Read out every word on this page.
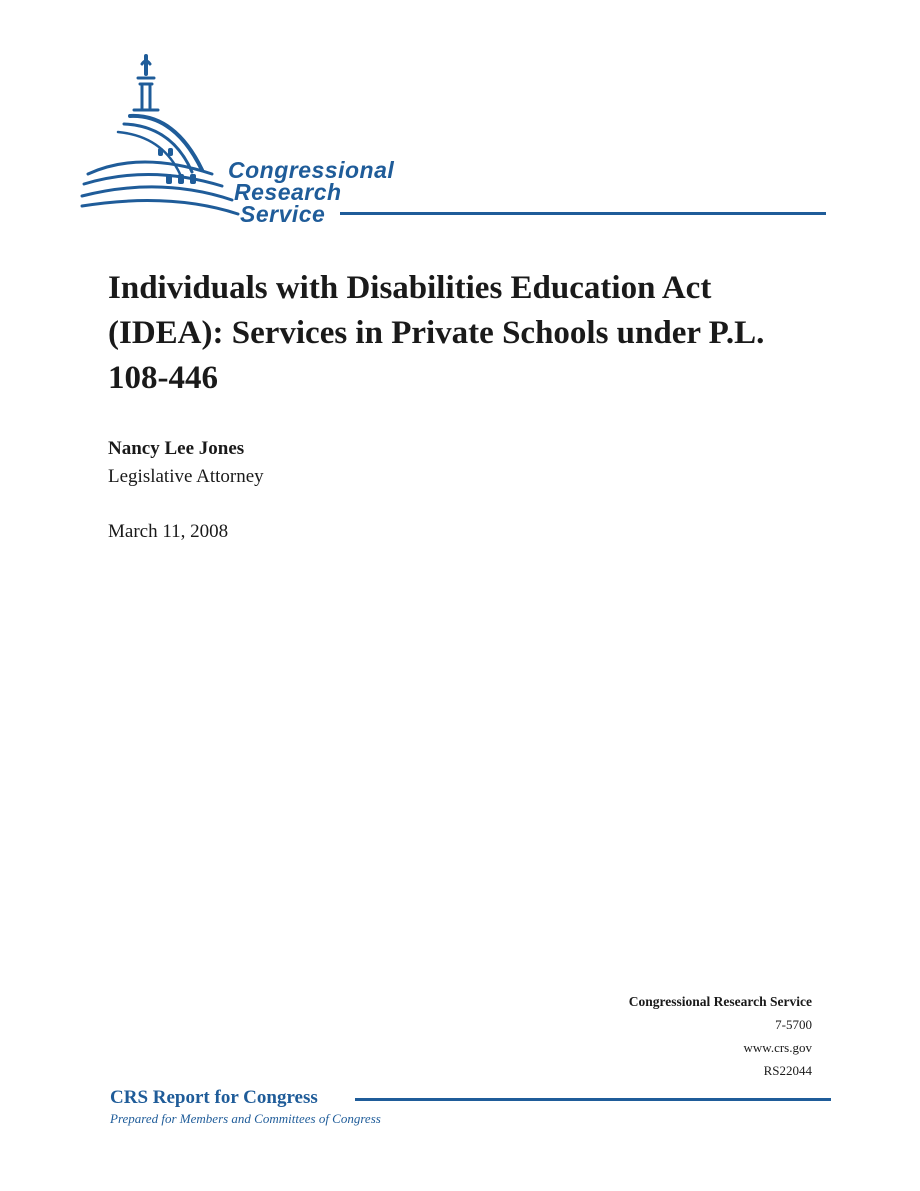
Congressional
Research
Service
Individuals with Disabilities Education Act (IDEA): Services in Private Schools under P.L. 108-446
Nancy Lee Jones
Legislative Attorney
March 11, 2008
Congressional Research Service
7-5700
www.crs.gov
RS22044
CRS Report for Congress
Prepared for Members and Committees of Congress
